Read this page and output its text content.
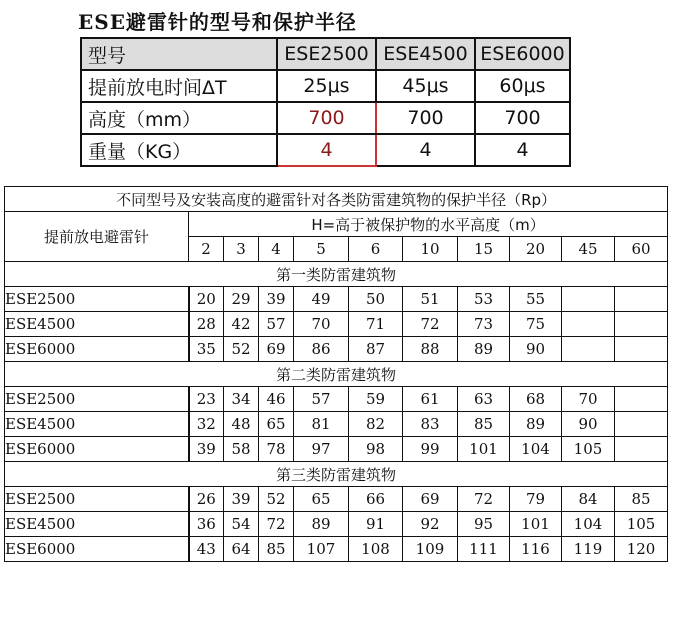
ESE避雷针的型号和保护半径
型号	ESE2500	ESE4500	ESE6000
提前放电时间ΔT	25μs	45μs	60μs
高度（mm）	700	700	700
重量（KG）	4	4	4
不同型号及安装高度的避雷针对各类防雷建筑物的保护半径（Rp）										
提前放电避雷针	H=高于被保护物的水平高度（m）									
	2	3	4	5	6	10	15	20	45	60
第一类防雷建筑物										
ESE2500	20	29	39	49	50	51	53	55		
ESE4500	28	42	57	70	71	72	73	75		
ESE6000	35	52	69	86	87	88	89	90		
第二类防雷建筑物										
ESE2500	23	34	46	57	59	61	63	68	70	
ESE4500	32	48	65	81	82	83	85	89	90	
ESE6000	39	58	78	97	98	99	101	104	105	
第三类防雷建筑物										
ESE2500	26	39	52	65	66	69	72	79	84	85
ESE4500	36	54	72	89	91	92	95	101	104	105
ESE6000	43	64	85	107	108	109	111	116	119	120
